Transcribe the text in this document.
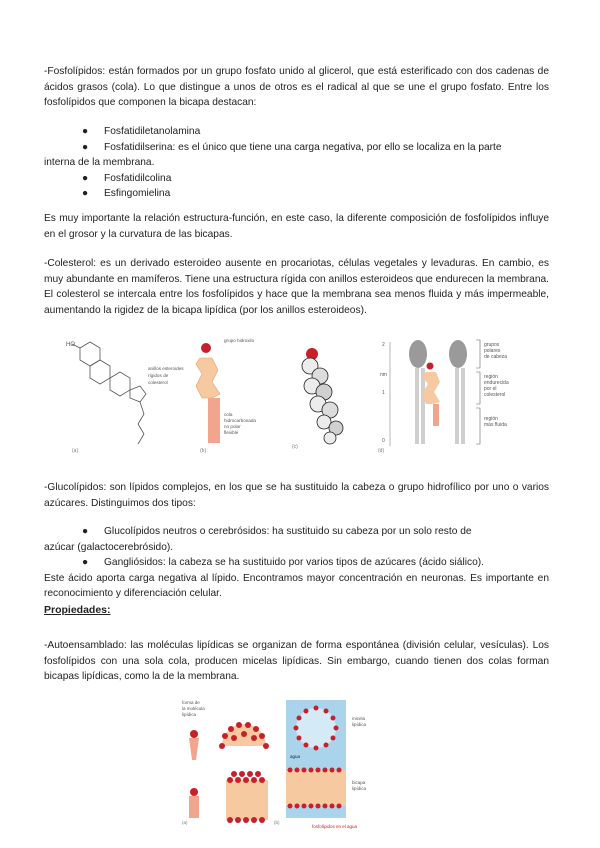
-Fosfolípidos: están formados por un grupo fosfato unido al glicerol, que está esterificado con dos cadenas de ácidos grasos (cola). Lo que distingue a unos de otros es el radical al que se une el grupo fosfato. Entre los fosfolípidos que componen la bicapa destacan:

●	Fosfatidiletanolamina
●	Fosfatidilserina: es el único que tiene una carga negativa, por ello se localiza en la parte
interna de la membrana.
●	Fosfatidilcolina
●	Esfingomielina

Es muy importante la relación estructura-función, en este caso, la diferente composición de fosfolípidos influye en el grosor y la curvatura de las bicapas.

-Colesterol: es un derivado esteroideo ausente en procariotas, células vegetales y levaduras. En cambio, es muy abundante en mamíferos. Tiene una estructura rígida con anillos esteroideos que endurecen la membrana. El colesterol se intercala entre los fosfolípidos y hace que la membrana sea menos fluida y más impermeable, aumentando la rigidez de la bicapa lipídica (por los anillos esteroideos).

HO
(a)
grupo hidroxilo
anillos esteroides
rígidos de
colesterol
cola
hidrocarbonada
no polar
flexible
(b)
(c)
nm
2
1
0
(d)
grupos
polares
de cabeza
región
endurecida
por el
colesterol
región
más fluida

-Glucolípidos: son lípidos complejos, en los que se ha sustituido la cabeza o grupo hidrofílico por uno o varios azúcares. Distinguimos dos tipos:

●	Glucolípidos neutros o cerebrósidos: ha sustituido su cabeza por un solo resto de
azúcar (galactocerebrósido).
●	Gangliósidos: la cabeza se ha sustituido por varios tipos de azúcares (ácido siálico).
Este ácido aporta carga negativa al lípido. Encontramos mayor concentración en neuronas. Es importante en reconocimiento y diferenciación celular.
Propiedades:

-Autoensamblado: las moléculas lipídicas se organizan de forma espontánea (división celular, vesículas). Los fosfolípidos con una sola cola, producen micelas lipídicas. Sin embargo, cuando tienen dos colas forman bicapas lipídicas, como la de la membrana.

forma de
la molécula
lipídica
(a)	(b)
agua
micela
lipídica
bicapa
lipídica
fosfolípidos en el agua
